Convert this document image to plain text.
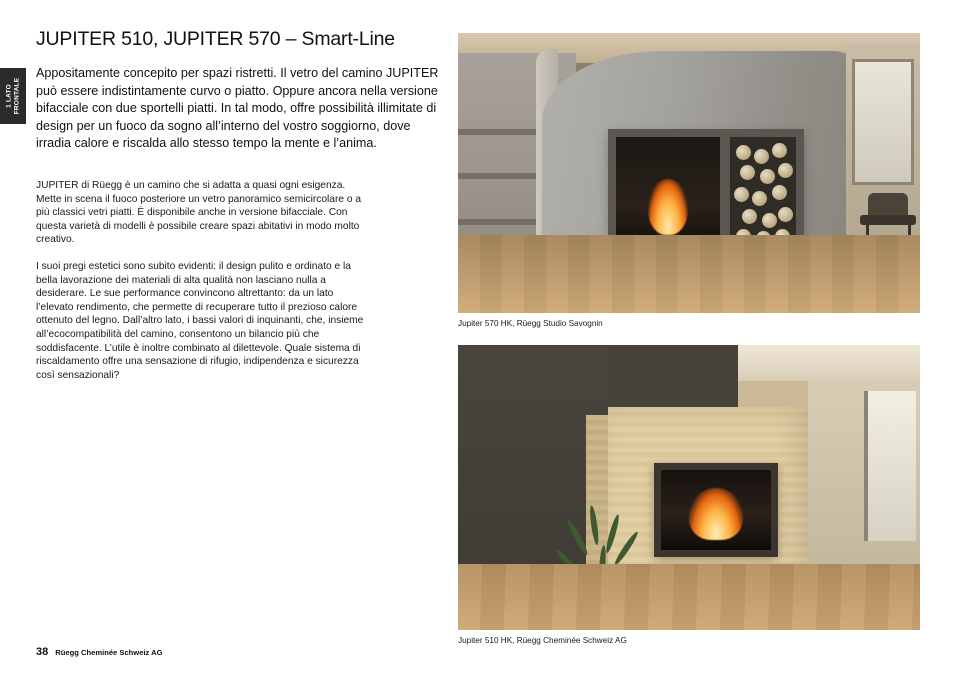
1 LATO FRONTALE
JUPITER 510, JUPITER 570 – Smart-Line

Appositamente concepito per spazi ristretti. Il vetro del camino JUPITER può essere indistintamente curvo o piatto. Oppure ancora nella versione bifacciale con due sportelli piatti. In tal modo, offre possibilità illimitate di design per un fuoco da sogno all’interno del vostro soggiorno, dove irradia calore e riscalda allo stesso tempo la mente e l’anima.

JUPITER di Rüegg è un camino che si adatta a quasi ogni esigenza. Mette in scena il fuoco posteriore un vetro panoramico semicircolare o a più classici vetri piatti. È disponibile anche in versione bifacciale. Con questa varietà di modelli è possibile creare spazi abitativi in modo molto creativo.

I suoi pregi estetici sono subito evidenti: il design pulito e ordinato e la bella lavorazione dei materiali di alta qualità non lasciano nulla a desiderare. Le sue performance convincono altrettanto: da un lato l’elevato rendimento, che permette di recuperare tutto il prezioso calore ottenuto del legno. Dall’altro lato, i bassi valori di inquinanti, che, insieme all’ecocompatibilità del camino, consentono un bilancio più che soddisfacente. L’utile è inoltre combinato al dilettevole. Quale sistema di riscaldamento offre una sensazione di rifugio, indipendenza e sicurezza così sensazionali?

Jupiter 570 HK, Rüegg Studio Savognin
Jupiter 510 HK, Rüegg Cheminée Schweiz AG
38 Rüegg Cheminée Schweiz AG
